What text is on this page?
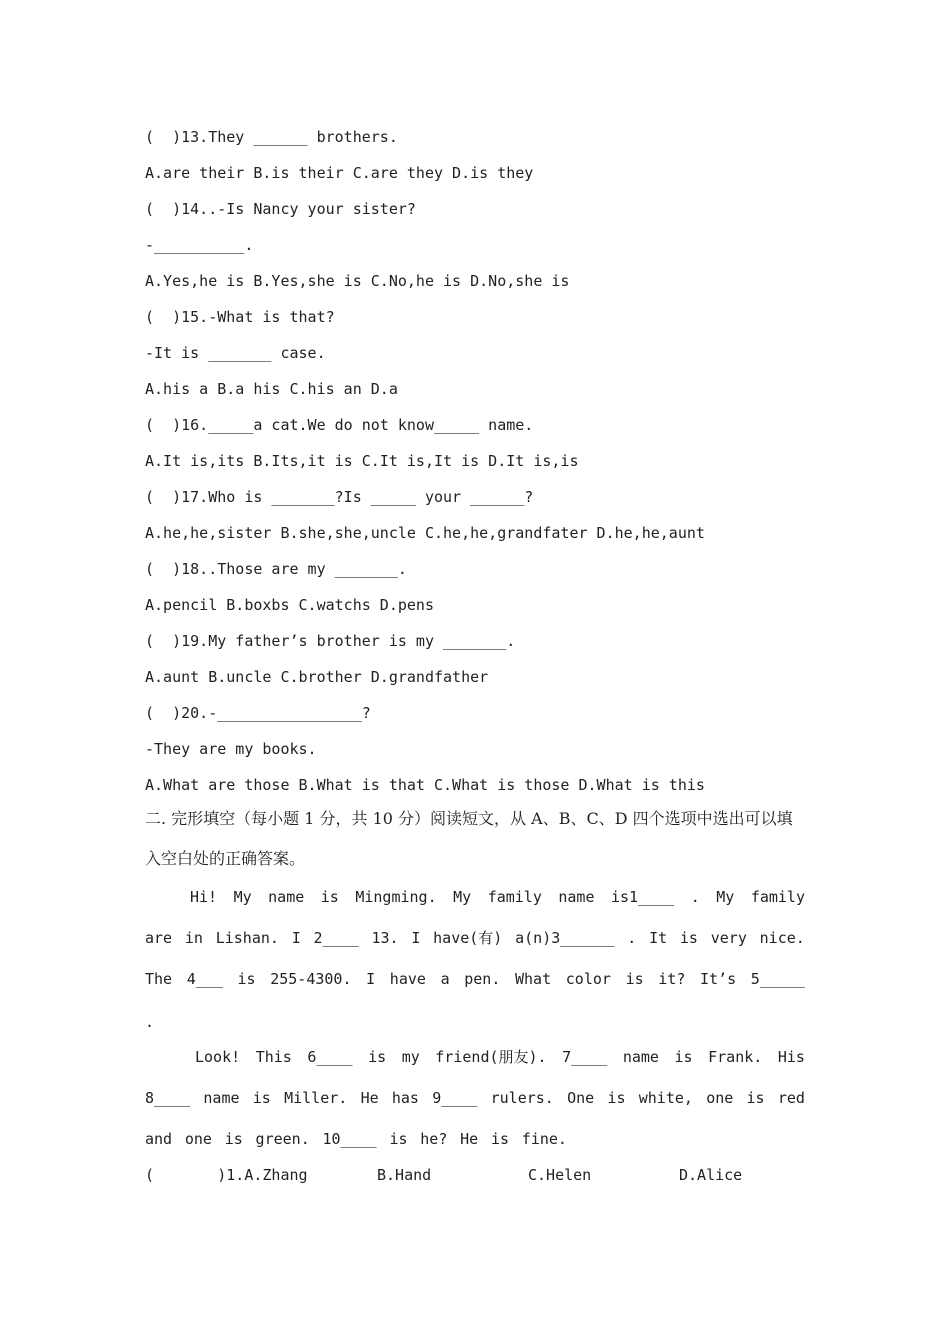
(  )13.They ______ brothers.
A.are their B.is their C.are they D.is they
(  )14..-Is Nancy your sister?
-__________.
A.Yes,he is B.Yes,she is C.No,he is D.No,she is
(  )15.-What is that?
-It is _______ case.
A.his a B.a his C.his an D.a
(  )16._____a cat.We do not know_____ name.
A.It is,its B.Its,it is C.It is,It is D.It is,is
(  )17.Who is _______?Is _____ your ______?
A.he,he,sister B.she,she,uncle C.he,he,grandfater D.he,he,aunt
(  )18..Those are my _______.
A.pencil B.boxbs C.watchs D.pens
(  )19.My father’s brother is my _______.
A.aunt B.uncle C.brother D.grandfather
(  )20.-________________?
-They are my books.
A.What are those B.What is that C.What is those D.What is this
二. 完形填空（每小题 1 分，共 10 分）阅读短文，从 A、B、C、D 四个选项中选出可以填
入空白处的正确答案。
Hi! My name is Mingming. My family name is1____ . My family
are in Lishan. I 2____ 13. I have(有) a(n)3______ . It is very nice.
The 4___ is 255-4300. I have a pen. What color is it? It’s 5_____
.
Look! This 6____ is my friend(朋友). 7____ name is Frank. His
8____ name is Miller. He has 9____ rulers. One is white, one is red
and one is green. 10____ is he? He is fine.
(       )1.A.Zhang	B.Hand	C.Helen	D.Alice
